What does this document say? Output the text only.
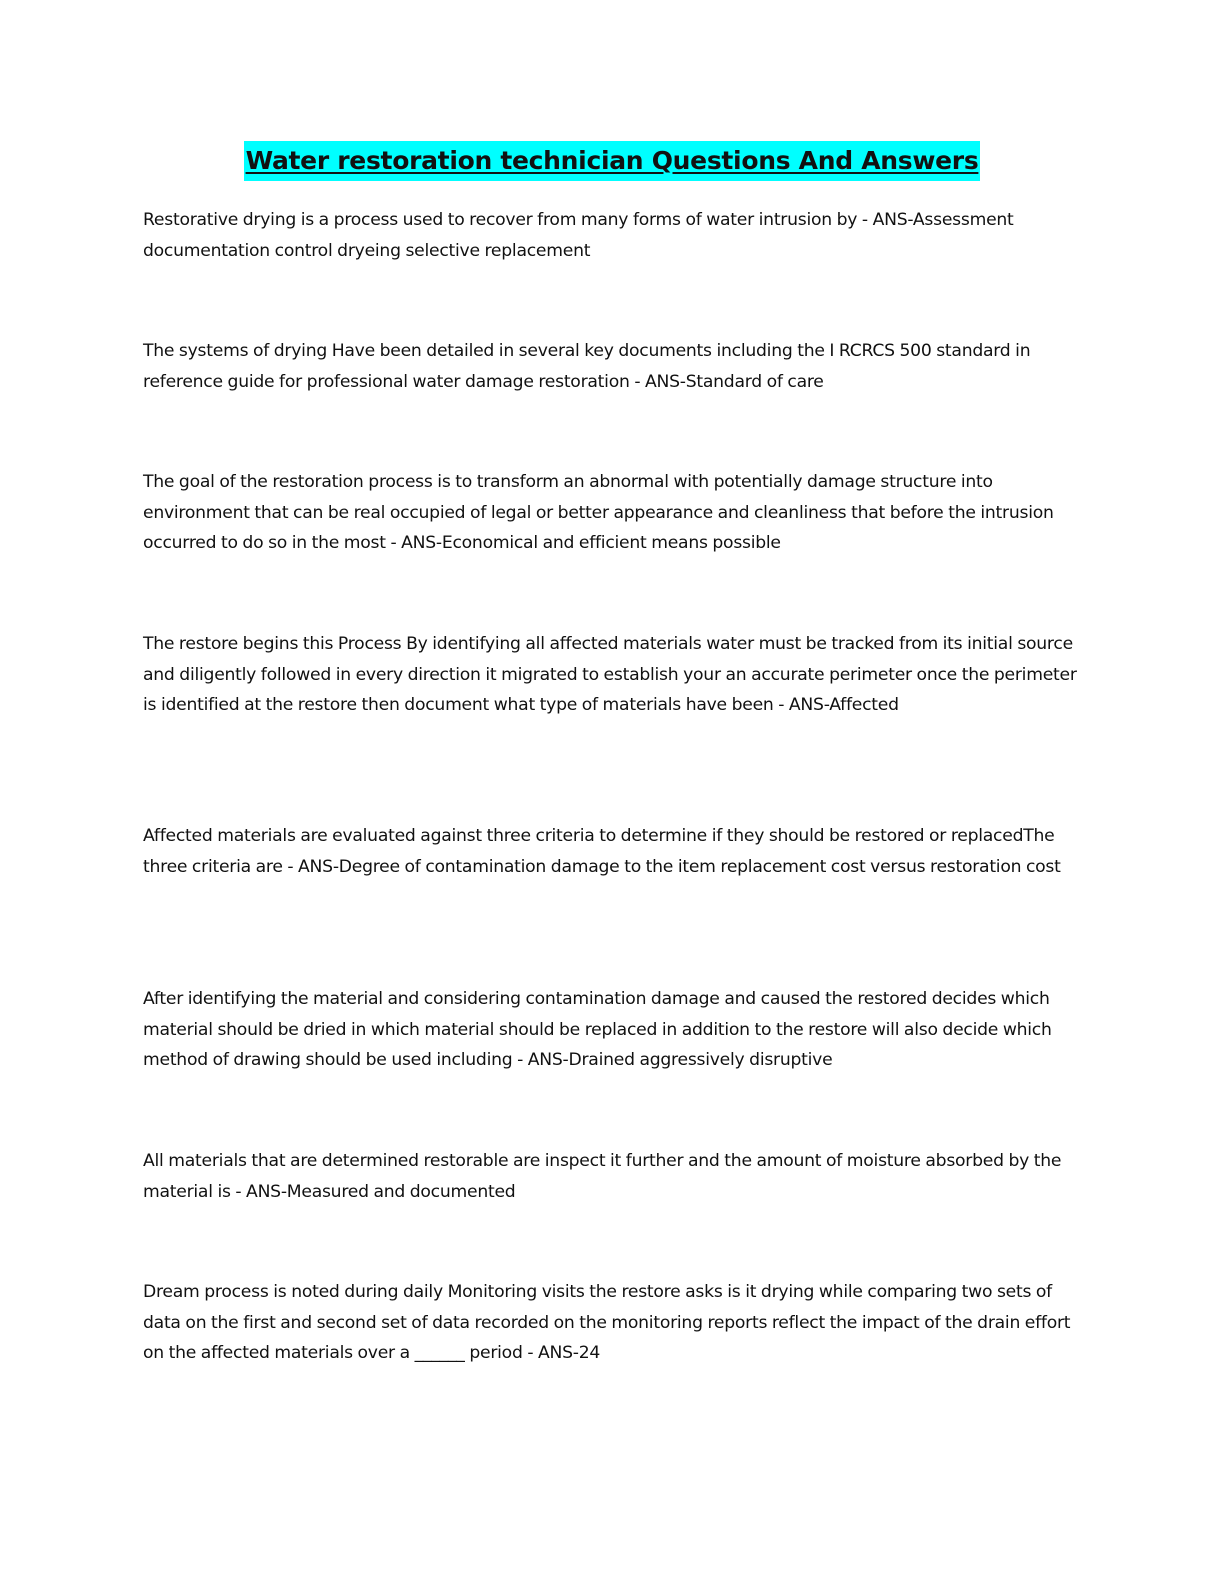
Water restoration technician Questions And Answers

Restorative drying is a process used to recover from many forms of water intrusion by - ANS-Assessment documentation control dryeing selective replacement

The systems of drying Have been detailed in several key documents including the I RCRCS 500 standard in reference guide for professional water damage restoration - ANS-Standard of care

The goal of the restoration process is to transform an abnormal with potentially damage structure into environment that can be real occupied of legal or better appearance and cleanliness that before the intrusion occurred to do so in the most - ANS-Economical and efficient means possible

The restore begins this Process By identifying all affected materials water must be tracked from its initial source and diligently followed in every direction it migrated to establish your an accurate perimeter once the perimeter is identified at the restore then document what type of materials have been - ANS-Affected

Affected materials are evaluated against three criteria to determine if they should be restored or replacedThe three criteria are - ANS-Degree of contamination damage to the item replacement cost versus restoration cost

After identifying the material and considering contamination damage and caused the restored decides which material should be dried in which material should be replaced in addition to the restore will also decide which method of drawing should be used including - ANS-Drained aggressively disruptive

All materials that are determined restorable are inspect it further and the amount of moisture absorbed by the material is - ANS-Measured and documented

Dream process is noted during daily Monitoring visits the restore asks is it drying while comparing two sets of data on the first and second set of data recorded on the monitoring reports reflect the impact of the drain effort on the affected materials over a ______ period - ANS-24
